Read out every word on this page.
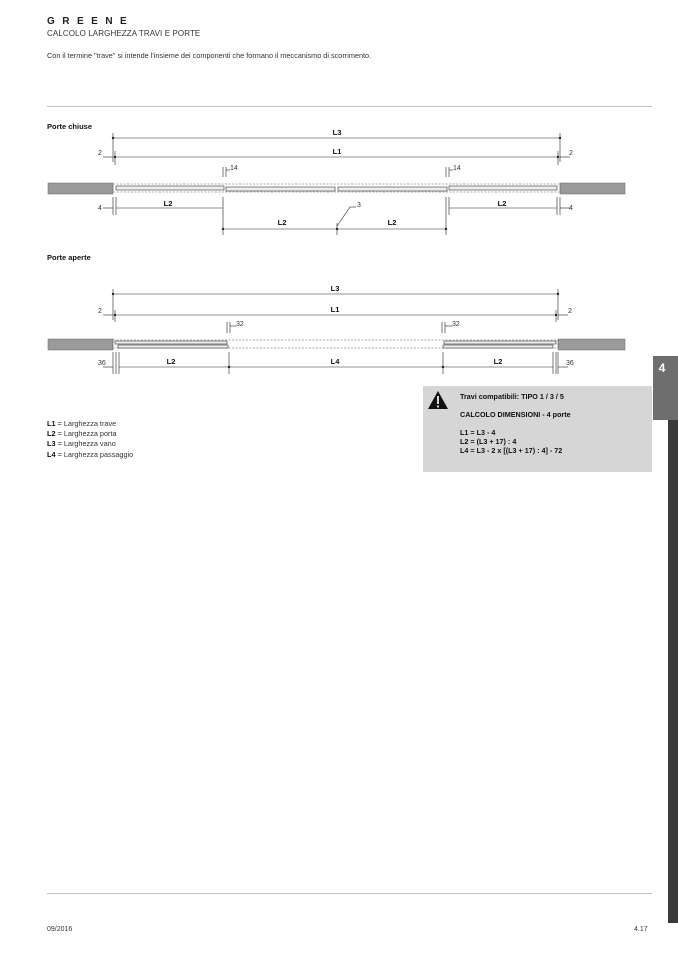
GREENE
CALCOLO LARGHEZZA TRAVI E PORTE
Con il termine "trave" si intende l'insieme dei componenti che formano il meccanismo di scorrimento.
Porte chiuse
L3
L1
L2	L2
L2	L2
2	2
14	14
4	4
3
Porte aperte
L3
L1
L2	L4	L2
2	2
32	32
36	36
L1 = Larghezza trave
L2 = Larghezza porta
L3 = Larghezza vano
L4 = Larghezza passaggio
Travi compatibili: TIPO 1 / 3 / 5
CALCOLO DIMENSIONI - 4 porte
L1 = L3 - 4
L2 = (L3 + 17) : 4
L4 = L3 - 2 x [(L3 + 17) : 4] - 72
4
09/2016	4.17
